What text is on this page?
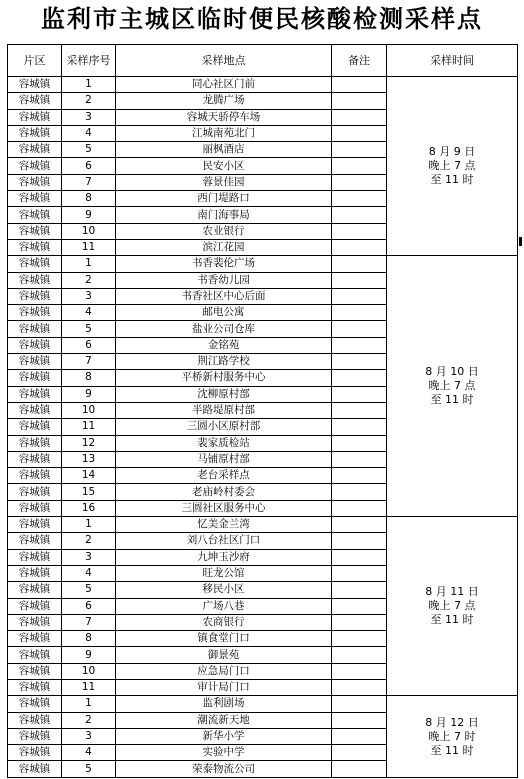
监利市主城区临时便民核酸检测采样点
片区	采样序号	采样地点	备注	采样时间
容城镇	1	同心社区门前		8 月 9 日
晚上 7 点
至 11 时

容城镇	2	龙腾广场		
容城镇	3	容城天骄停车场		
容城镇	4	江城南苑北门		
容城镇	5	丽枫酒店		
容城镇	6	民安小区		
容城镇	7	蓉景佳园		
容城镇	8	西门堤路口		
容城镇	9	南门海事局		
容城镇	10	农业银行		
容城镇	11	滨江花园		
容城镇	1	书香裴伦广场		8 月 10 日
晚上 7 点
至 11 时

容城镇	2	书香幼儿园		
容城镇	3	书香社区中心后面		
容城镇	4	邮电公寓		
容城镇	5	盐业公司仓库		
容城镇	6	金铭苑		
容城镇	7	荆江路学校		
容城镇	8	平桥新村服务中心		
容城镇	9	沈柳原村部		
容城镇	10	半路堤原村部		
容城镇	11	三圆小区原村部		
容城镇	12	裴家质检站		
容城镇	13	马铺原村部		
容城镇	14	老台采样点		
容城镇	15	老庙岭村委会		
容城镇	16	三圆社区服务中心		
容城镇	1	忆美金兰湾		8 月 11 日
晚上 7 点
至 11 时

容城镇	2	刘八台社区门口		
容城镇	3	九坤玉沙府		
容城镇	4	旺龙公馆		
容城镇	5	移民小区		
容城镇	6	广场八巷		
容城镇	7	农商银行		
容城镇	8	镇食堂门口		
容城镇	9	御景苑		
容城镇	10	应急局门口		
容城镇	11	审计局门口		
容城镇	1	监利剧场		8 月 12 日
晚上 7 时
至 11 时

容城镇	2	潮流新天地		
容城镇	3	新华小学		
容城镇	4	实验中学		
容城镇	5	荣泰物流公司		
